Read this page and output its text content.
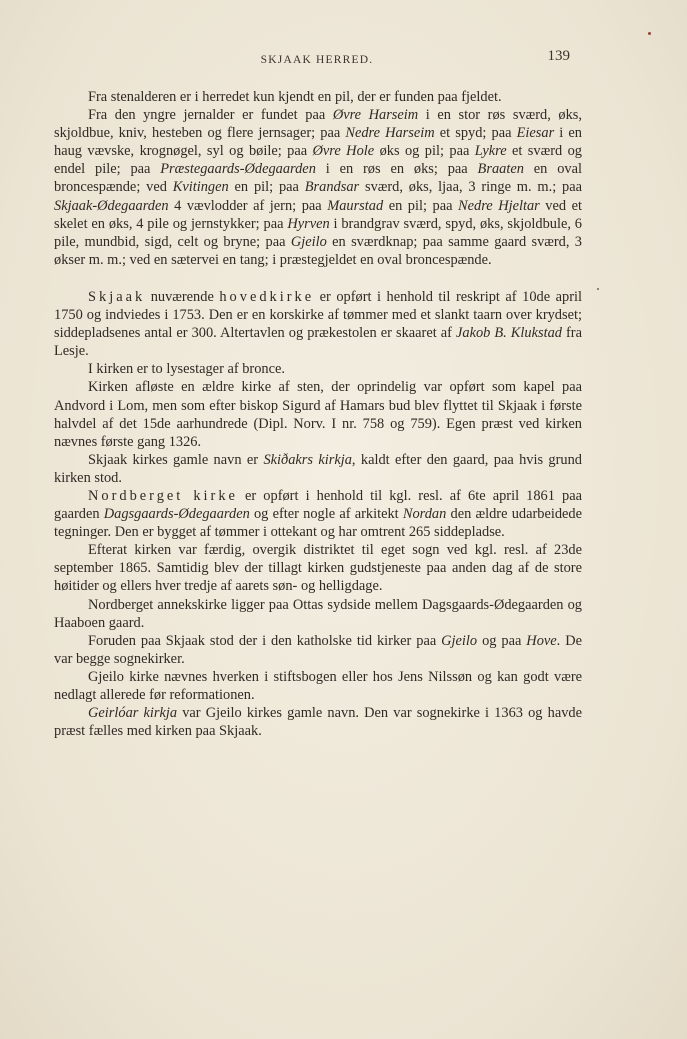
SKJAAK HERRED.	139

Fra stenalderen er i herredet kun kjendt en pil, der er funden paa fjeldet.

Fra den yngre jernalder er fundet paa Øvre Harseim i en stor røs sværd, øks, skjoldbue, kniv, hesteben og flere jernsager; paa Nedre Harseim et spyd; paa Eiesar i en haug vævske, krognøgel, syl og bøile; paa Øvre Hole øks og pil; paa Lykre et sværd og endel pile; paa Præstegaards-Ødegaarden i en røs en øks; paa Braaten en oval broncespænde; ved Kvitingen en pil; paa Brandsar sværd, øks, ljaa, 3 ringe m. m.; paa Skjaak-Ødegaarden 4 vævlodder af jern; paa Maurstad en pil; paa Nedre Hjeltar ved et skelet en øks, 4 pile og jernstykker; paa Hyrven i brandgrav sværd, spyd, øks, skjoldbule, 6 pile, mundbid, sigd, celt og bryne; paa Gjeilo en sværdknap; paa samme gaard sværd, 3 økser m. m.; ved en sætervei en tang; i præstegjeldet en oval broncespænde.

Skjaak nuværende hovedkirke er opført i henhold til reskript af 10de april 1750 og indviedes i 1753. Den er en korskirke af tømmer med et slankt taarn over krydset; siddepladsenes antal er 300. Altertavlen og prækestolen er skaaret af Jakob B. Klukstad fra Lesje.

I kirken er to lysestager af bronce.

Kirken afløste en ældre kirke af sten, der oprindelig var opført som kapel paa Andvord i Lom, men som efter biskop Sigurd af Hamars bud blev flyttet til Skjaak i første halvdel af det 15de aarhundrede (Dipl. Norv. I nr. 758 og 759). Egen præst ved kirken nævnes første gang 1326.

Skjaak kirkes gamle navn er Skiðakrs kirkja, kaldt efter den gaard, paa hvis grund kirken stod.

Nordberget kirke er opført i henhold til kgl. resl. af 6te april 1861 paa gaarden Dagsgaards-Ødegaarden og efter nogle af arkitekt Nordan den ældre udarbeidede tegninger. Den er bygget af tømmer i ottekant og har omtrent 265 siddepladse.

Efterat kirken var færdig, overgik distriktet til eget sogn ved kgl. resl. af 23de september 1865. Samtidig blev der tillagt kirken gudstjeneste paa anden dag af de store høitider og ellers hver tredje af aarets søn- og helligdage.

Nordberget annekskirke ligger paa Ottas sydside mellem Dagsgaards-Ødegaarden og Haaboen gaard.

Foruden paa Skjaak stod der i den katholske tid kirker paa Gjeilo og paa Hove. De var begge sognekirker.

Gjeilo kirke nævnes hverken i stiftsbogen eller hos Jens Nilssøn og kan godt være nedlagt allerede før reformationen.

Geirlóar kirkja var Gjeilo kirkes gamle navn. Den var sognekirke i 1363 og havde præst fælles med kirken paa Skjaak.
